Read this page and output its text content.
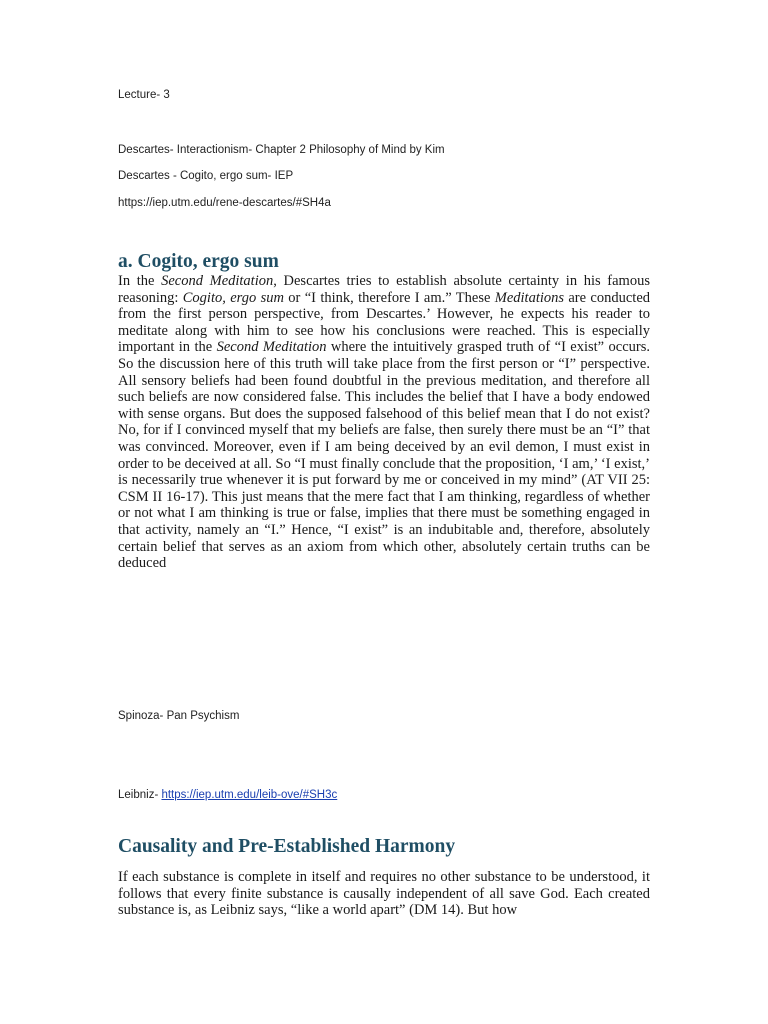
Lecture- 3
Descartes- Interactionism- Chapter 2 Philosophy of Mind by Kim
Descartes - Cogito, ergo sum- IEP
https://iep.utm.edu/rene-descartes/#SH4a
a. Cogito, ergo sum
In the Second Meditation, Descartes tries to establish absolute certainty in his famous reasoning: Cogito, ergo sum or “I think, therefore I am.” These Meditations are conducted from the first person perspective, from Descartes.’ However, he expects his reader to meditate along with him to see how his conclusions were reached. This is especially important in the Second Meditation where the intuitively grasped truth of “I exist” occurs. So the discussion here of this truth will take place from the first person or “I” perspective. All sensory beliefs had been found doubtful in the previous meditation, and therefore all such beliefs are now considered false. This includes the belief that I have a body endowed with sense organs. But does the supposed falsehood of this belief mean that I do not exist? No, for if I convinced myself that my beliefs are false, then surely there must be an “I” that was convinced. Moreover, even if I am being deceived by an evil demon, I must exist in order to be deceived at all. So “I must finally conclude that the proposition, ‘I am,’ ‘I exist,’ is necessarily true whenever it is put forward by me or conceived in my mind” (AT VII 25: CSM II 16-17). This just means that the mere fact that I am thinking, regardless of whether or not what I am thinking is true or false, implies that there must be something engaged in that activity, namely an “I.” Hence, “I exist” is an indubitable and, therefore, absolutely certain belief that serves as an axiom from which other, absolutely certain truths can be deduced
Spinoza- Pan Psychism
Leibniz- https://iep.utm.edu/leib-ove/#SH3c
Causality and Pre-Established Harmony
If each substance is complete in itself and requires no other substance to be understood, it follows that every finite substance is causally independent of all save God. Each created substance is, as Leibniz says, “like a world apart” (DM 14). But how
